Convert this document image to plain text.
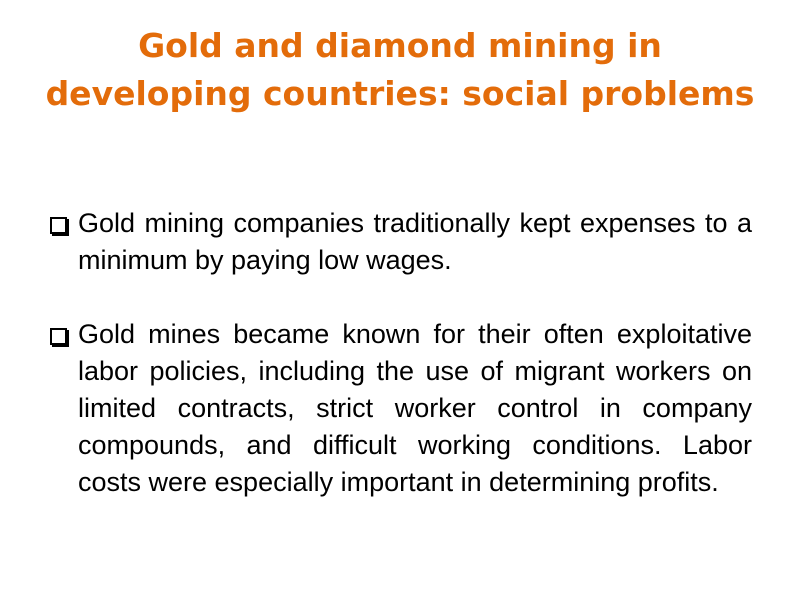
Gold and diamond mining in
developing countries: social problems
Gold mining companies traditionally kept expenses to a minimum by paying low wages.
Gold mines became known for their often exploitative labor policies, including the use of migrant workers on limited contracts, strict worker control in company compounds, and difficult working conditions. Labor costs were especially important in determining profits.
